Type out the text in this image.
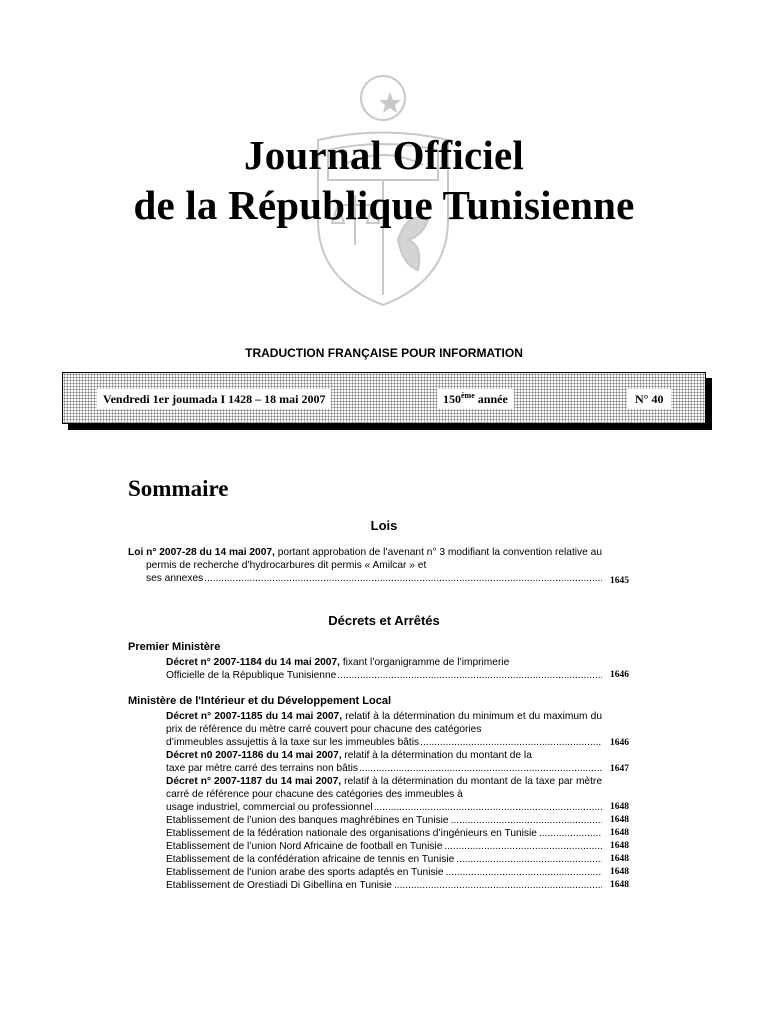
Journal Officiel
de la République Tunisienne
TRADUCTION FRANÇAISE POUR INFORMATION
Vendredi 1er joumada I 1428 – 18 mai 2007	150ème année	N° 40
Sommaire
Lois
Loi n° 2007-28 du 14 mai 2007, portant approbation de l’avenant n° 3 modifiant la convention relative au permis de recherche d’hydrocarbures dit permis « Amilcar » et
ses annexes .....	1645
Décrets et Arrêtés
Premier Ministère
Décret n° 2007-1184 du 14 mai 2007, fixant l’organigramme de l’imprimerie
Officielle de la République Tunisienne .....	1646
Ministère de l'Intérieur et du Développement Local
Décret n° 2007-1185 du 14 mai 2007, relatif à la détermination du minimum et du maximum du prix de référence du mètre carré couvert pour chacune des catégories
d’immeubles assujettis à la taxe sur les immeubles bâtis .....	1646
Décret n0 2007-1186 du 14 mai 2007, relatif à la détermination du montant de la
taxe par mètre carré des terrains non bâtis .....	1647
Décret n° 2007-1187 du 14 mai 2007, relatif à la détermination du montant de la taxe par mètre carré de référence pour chacune des catégories des immeubles à
usage industriel, commercial ou professionnel .....	1648
Etablissement de l’union des banques maghrébines en Tunisie .....	1648
Etablissement de la fédération nationale des organisations d’ingénieurs en Tunisie .....	1648
Etablissement de l’union Nord Africaine de football en Tunisie .....	1648
Etablissement de la confédération africaine de tennis en Tunisie .....	1648
Etablissement de l’union arabe des sports adaptés en Tunisie .....	1648
Etablissement de Orestiadi Di Gibellina en Tunisie .....	1648
